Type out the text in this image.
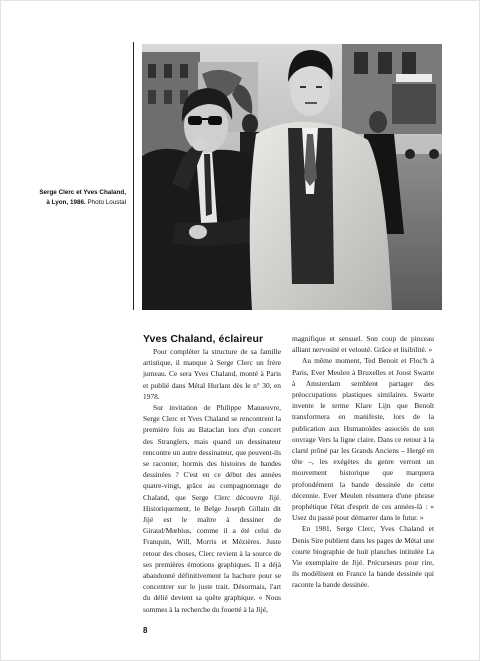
Serge Clerc et Yves Chaland,
à Lyon, 1986. Photo Loustal
Yves Chaland, éclaireur

Pour compléter la structure de sa famille artistique, il manque à Serge Clerc un frère jumeau. Ce sera Yves Chaland, monté à Paris et publié dans Métal Hurlant dès le n° 30, en 1978.

Sur invitation de Philippe Manœuvre, Serge Clerc et Yves Chaland se rencontrent la première fois au Bataclan lors d'un concert des Stranglers, mais quand un dessinateur rencontre un autre dessinateur, que peuvent-ils se raconter, hormis des histoires de bandes dessinées ? C'est en ce début des années quatre-vingt, grâce au compagnonnage de Chaland, que Serge Clerc découvre Jijé. Historiquement, le Belge Joseph Gillain dit Jijé est le maître à dessiner de Giraud/Mœbius, comme il a été celui de Franquin, Will, Morris et Mézières. Juste retour des choses, Clerc revient à la source de ses premières émotions graphiques. Il a déjà abandonné définitivement la hachure pour se concentrer sur le juste trait. Désormais, l'art du délié devient sa quête graphique. « Nous sommes à la recherche du fouetté à la Jijé,

magnifique et sensuel. Son coup de pinceau alliant nervosité et velouté. Grâce et lisibilité. »

Au même moment, Ted Benoit et Floc'h à Paris, Ever Meulen à Bruxelles et Joost Swarte à Amsterdam semblent partager des préoccupations plastiques similaires. Swarte invente le terme Klare Lijn que Benoît transformera en manifeste, lors de la publication aux Humanoïdes associés de son ouvrage Vers la ligne claire. Dans ce retour à la clarté prôné par les Grands Anciens – Hergé en tête –, les exégètes du genre verront un mouvement historique que marquera profondément la bande dessinée de cette décennie. Ever Meulen résumera d'une phrase prophétique l'état d'esprit de ces années-là : « Usez du passé pour démarrer dans le futur. »

En 1981, Serge Clerc, Yves Chaland et Denis Sire publient dans les pages de Métal une courte biographie de huit planches intitulée La Vie exemplaire de Jijé. Précurseurs pour rire, ils modélisent en France la bande dessinée qui raconte la bande dessinée.

8
